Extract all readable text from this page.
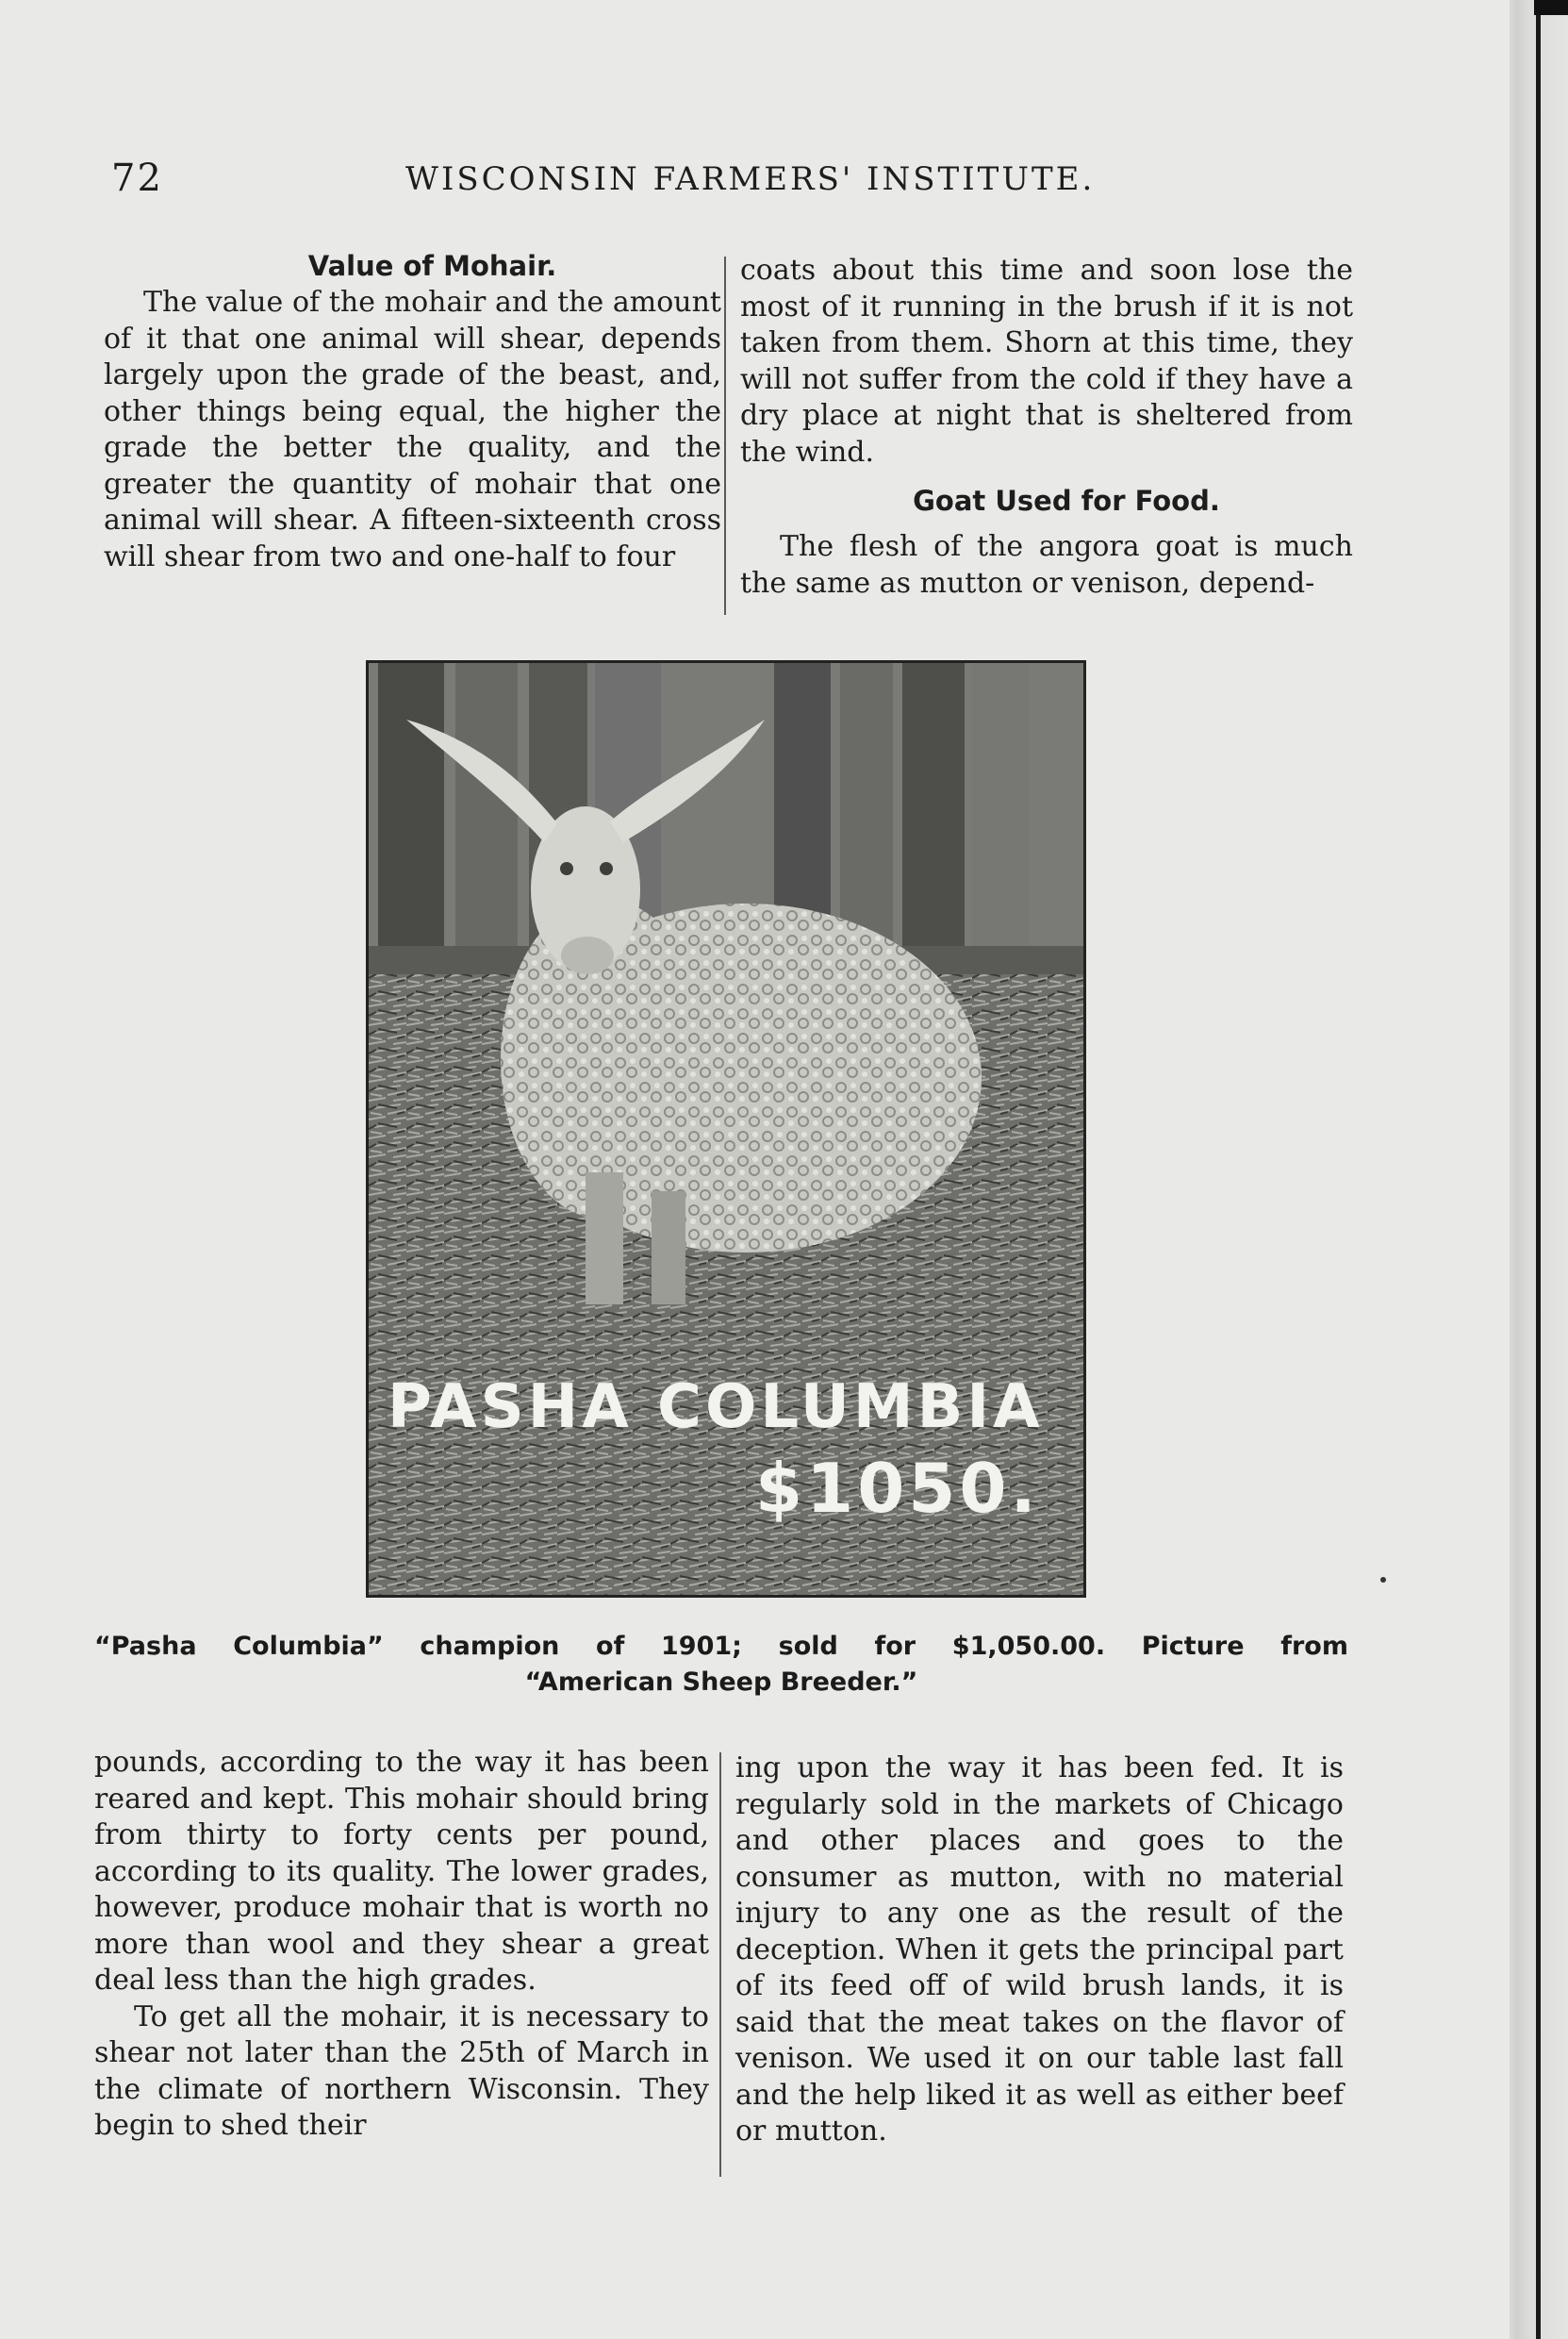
72	WISCONSIN FARMERS' INSTITUTE.

Value of Mohair.

The value of the mohair and the amount of it that one animal will shear, depends largely upon the grade of the beast, and, other things being equal, the higher the grade the better the quality, and the greater the quantity of mohair that one animal will shear. A fifteen-sixteenth cross will shear from two and one-half to four

coats about this time and soon lose the most of it running in the brush if it is not taken from them. Shorn at this time, they will not suffer from the cold if they have a dry place at night that is sheltered from the wind.

Goat Used for Food.

The flesh of the angora goat is much the same as mutton or venison, depend-

PASHA COLUMBIA
$1050.
“Pasha Columbia” champion of 1901; sold for $1,050.00. Picture from
“American Sheep Breeder.”

pounds, according to the way it has been reared and kept. This mohair should bring from thirty to forty cents per pound, according to its quality. The lower grades, however, produce mohair that is worth no more than wool and they shear a great deal less than the high grades.

To get all the mohair, it is necessary to shear not later than the 25th of March in the climate of northern Wisconsin. They begin to shed their

ing upon the way it has been fed. It is regularly sold in the markets of Chicago and other places and goes to the consumer as mutton, with no material injury to any one as the result of the deception. When it gets the principal part of its feed off of wild brush lands, it is said that the meat takes on the flavor of venison. We used it on our table last fall and the help liked it as well as either beef or mutton.
